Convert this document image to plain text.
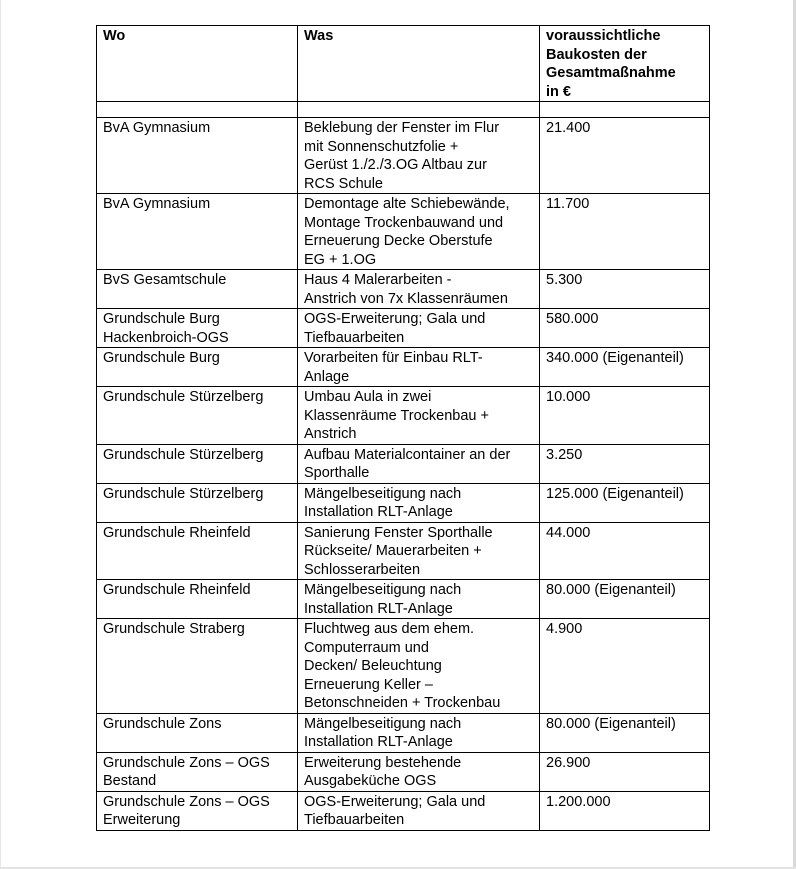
Wo	Was	voraussichtliche
Baukosten der
Gesamtmaßnahme
in €

BvA Gymnasium	Beklebung der Fenster im Flur
mit Sonnenschutzfolie +
Gerüst 1./2./3.OG Altbau zur
RCS Schule	21.400
BvA Gymnasium	Demontage alte Schiebewände,
Montage Trockenbauwand und
Erneuerung Decke Oberstufe
EG + 1.OG	11.700
BvS Gesamtschule	Haus 4 Malerarbeiten -
Anstrich von 7x Klassenräumen	5.300
Grundschule Burg
Hackenbroich-OGS	OGS-Erweiterung; Gala und
Tiefbauarbeiten	580.000
Grundschule Burg	Vorarbeiten für Einbau RLT-
Anlage	340.000 (Eigenanteil)
Grundschule Stürzelberg	Umbau Aula in zwei
Klassenräume Trockenbau +
Anstrich	10.000
Grundschule Stürzelberg	Aufbau Materialcontainer an der
Sporthalle	3.250
Grundschule Stürzelberg	Mängelbeseitigung nach
Installation RLT-Anlage	125.000 (Eigenanteil)
Grundschule Rheinfeld	Sanierung Fenster Sporthalle
Rückseite/ Mauerarbeiten +
Schlosserarbeiten	44.000
Grundschule Rheinfeld	Mängelbeseitigung nach
Installation RLT-Anlage	80.000 (Eigenanteil)
Grundschule Straberg	Fluchtweg aus dem ehem.
Computerraum und
Decken/ Beleuchtung
Erneuerung Keller –
Betonschneiden + Trockenbau	4.900
Grundschule Zons	Mängelbeseitigung nach
Installation RLT-Anlage	80.000 (Eigenanteil)
Grundschule Zons – OGS
Bestand	Erweiterung bestehende
Ausgabeküche OGS	26.900
Grundschule Zons – OGS
Erweiterung	OGS-Erweiterung; Gala und
Tiefbauarbeiten	1.200.000
